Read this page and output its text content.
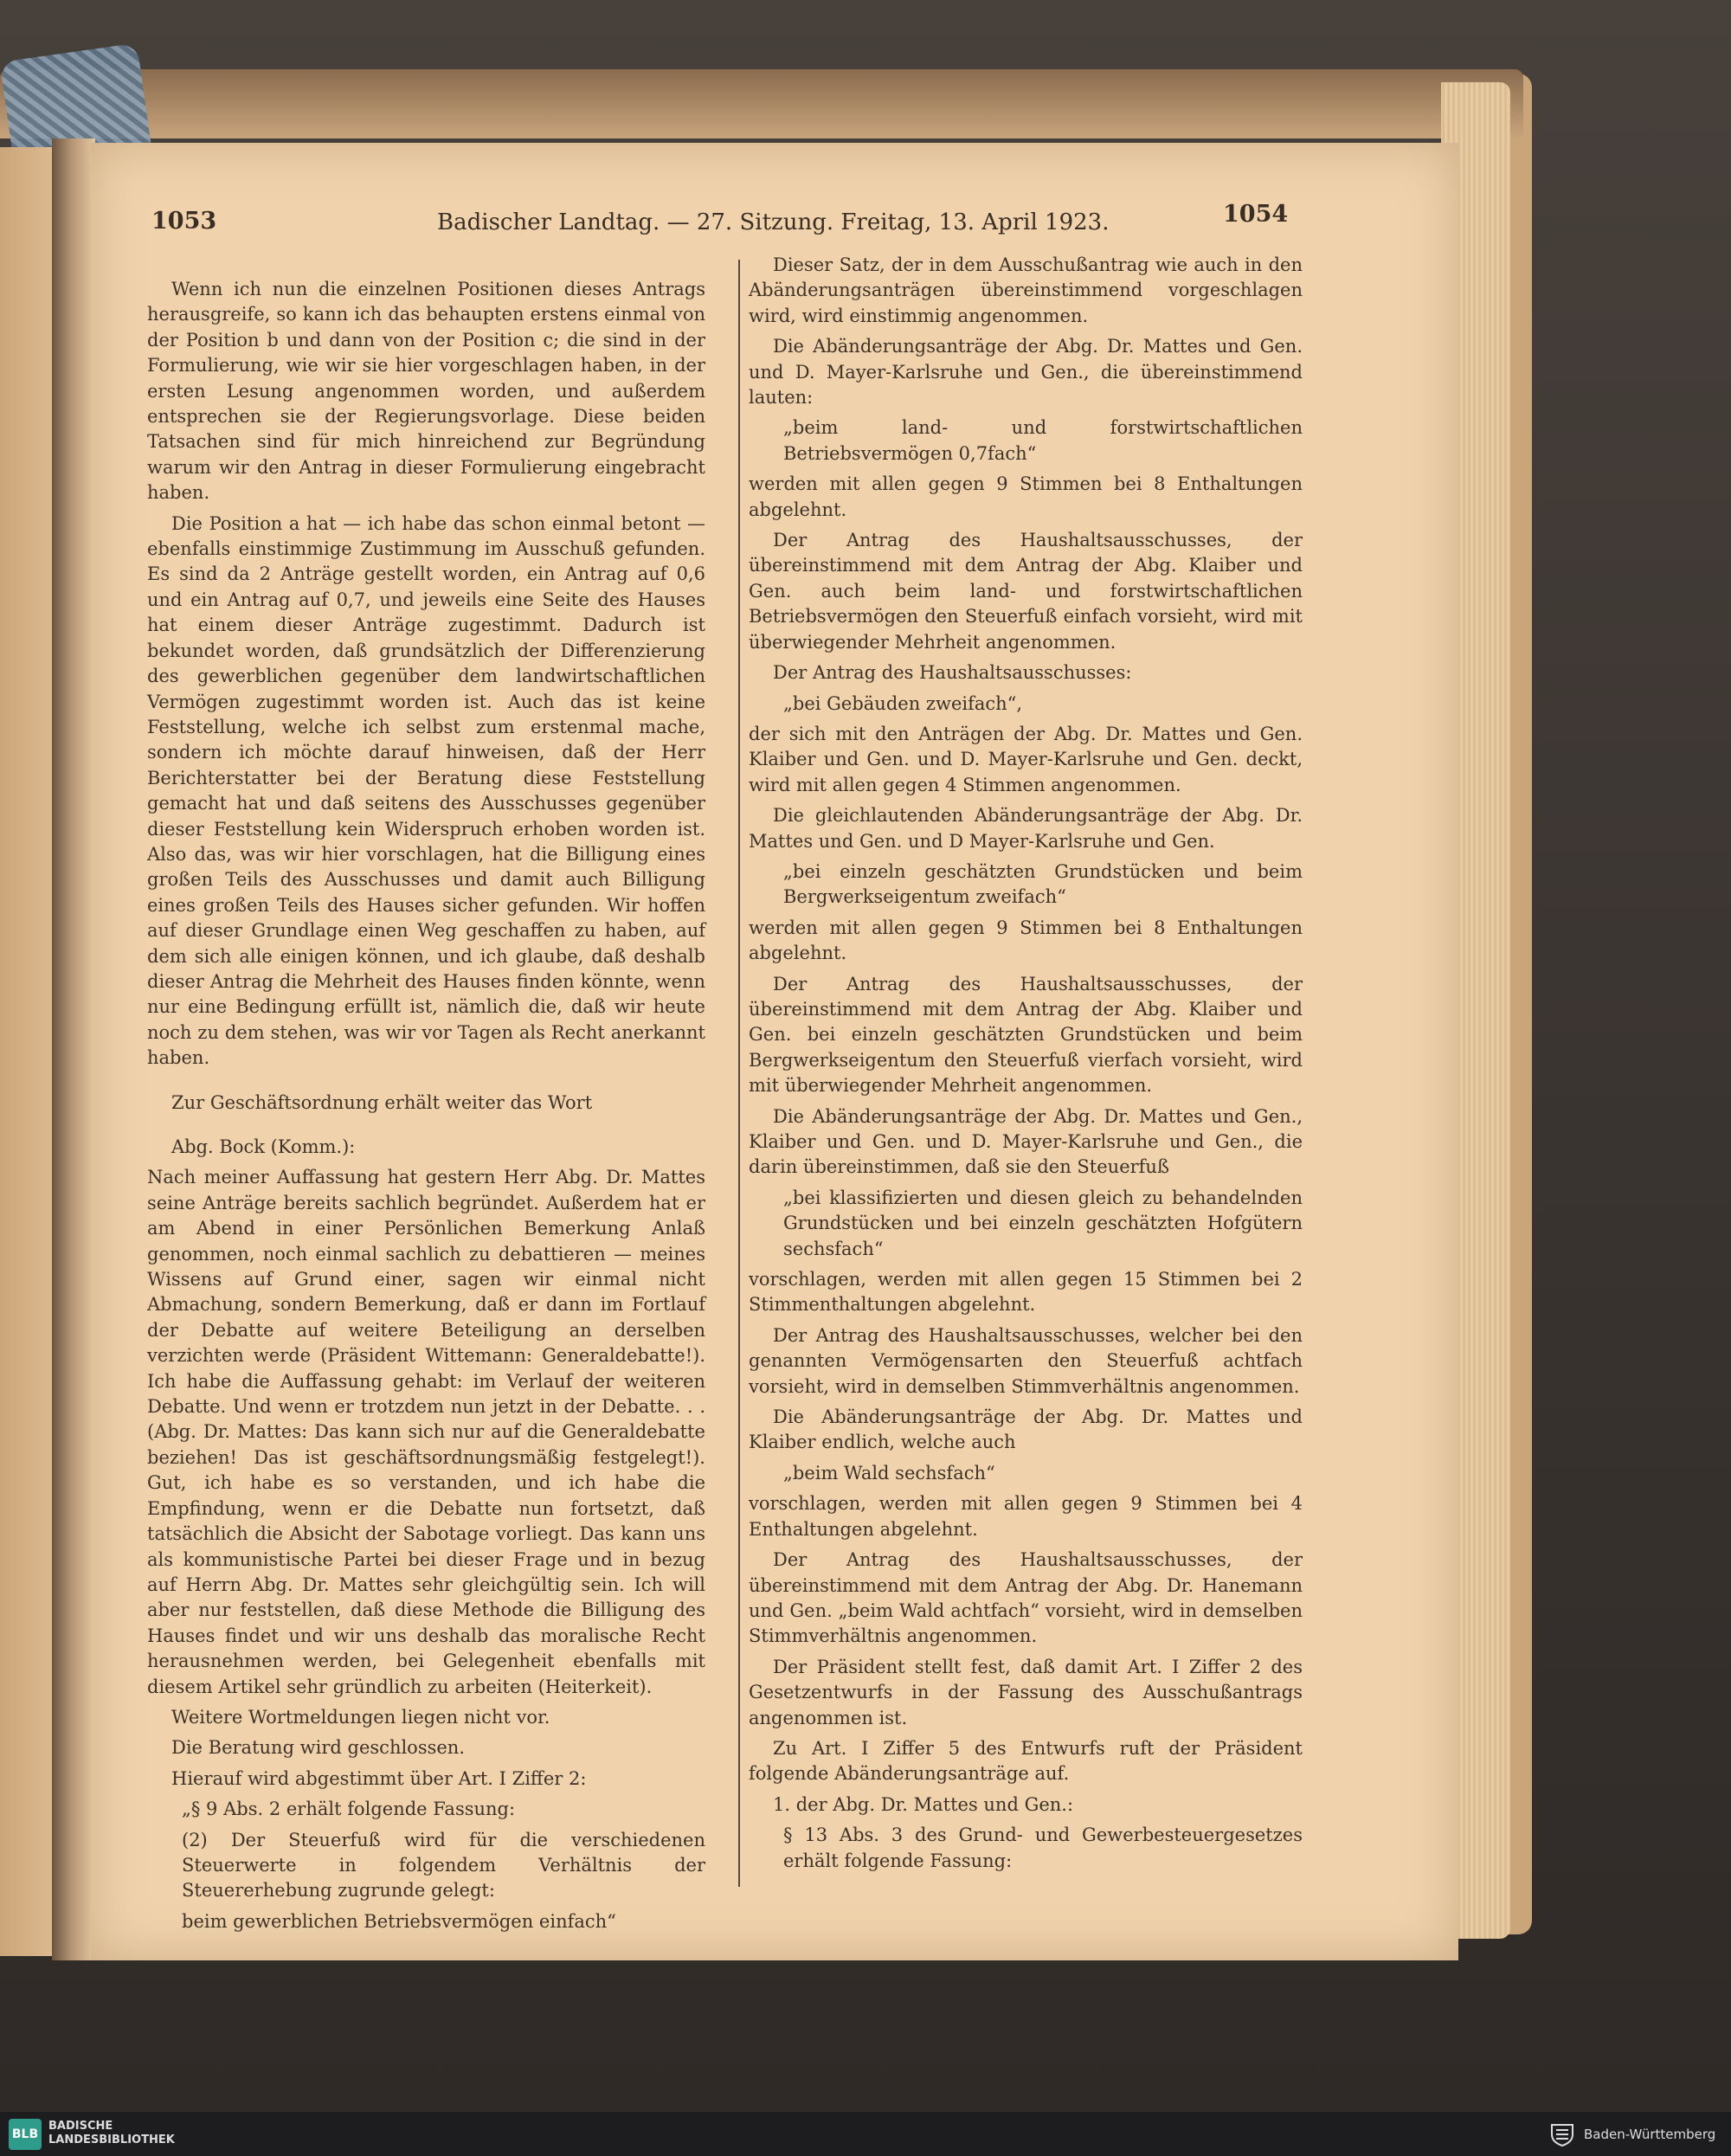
1053	Badischer Landtag. — 27. Sitzung. Freitag, 13. April 1923.	1054

Wenn ich nun die einzelnen Positionen dieses Antrags herausgreife, so kann ich das behaupten erstens einmal von der Position b und dann von der Position c; die sind in der Formulierung, wie wir sie hier vorgeschlagen haben, in der ersten Lesung angenommen worden, und außerdem entsprechen sie der Regierungsvorlage. Diese beiden Tatsachen sind für mich hinreichend zur Begründung warum wir den Antrag in dieser Formulierung eingebracht haben.

Die Position a hat — ich habe das schon einmal betont — ebenfalls einstimmige Zustimmung im Ausschuß gefunden. Es sind da 2 Anträge gestellt worden, ein Antrag auf 0,6 und ein Antrag auf 0,7, und jeweils eine Seite des Hauses hat einem dieser Anträge zugestimmt. Dadurch ist bekundet worden, daß grundsätzlich der Differenzierung des gewerblichen gegenüber dem landwirtschaftlichen Vermögen zugestimmt worden ist. Auch das ist keine Feststellung, welche ich selbst zum erstenmal mache, sondern ich möchte darauf hinweisen, daß der Herr Berichterstatter bei der Beratung diese Feststellung gemacht hat und daß seitens des Ausschusses gegenüber dieser Feststellung kein Widerspruch erhoben worden ist. Also das, was wir hier vorschlagen, hat die Billigung eines großen Teils des Ausschusses und damit auch Billigung eines großen Teils des Hauses sicher gefunden. Wir hoffen auf dieser Grundlage einen Weg geschaffen zu haben, auf dem sich alle einigen können, und ich glaube, daß deshalb dieser Antrag die Mehrheit des Hauses finden könnte, wenn nur eine Bedingung erfüllt ist, nämlich die, daß wir heute noch zu dem stehen, was wir vor Tagen als Recht anerkannt haben.

Zur Geschäftsordnung erhält weiter das Wort

Abg. Bock (Komm.):

Nach meiner Auffassung hat gestern Herr Abg. Dr. Mattes seine Anträge bereits sachlich begründet. Außerdem hat er am Abend in einer Persönlichen Bemerkung Anlaß genommen, noch einmal sachlich zu debattieren — meines Wissens auf Grund einer, sagen wir einmal nicht Abmachung, sondern Bemerkung, daß er dann im Fortlauf der Debatte auf weitere Beteiligung an derselben verzichten werde (Präsident Wittemann: Generaldebatte!). Ich habe die Auffassung gehabt: im Verlauf der weiteren Debatte. Und wenn er trotzdem nun jetzt in der Debatte. . . (Abg. Dr. Mattes: Das kann sich nur auf die Generaldebatte beziehen! Das ist geschäftsordnungsmäßig festgelegt!). Gut, ich habe es so verstanden, und ich habe die Empfindung, wenn er die Debatte nun fortsetzt, daß tatsächlich die Absicht der Sabotage vorliegt. Das kann uns als kommunistische Partei bei dieser Frage und in bezug auf Herrn Abg. Dr. Mattes sehr gleichgültig sein. Ich will aber nur feststellen, daß diese Methode die Billigung des Hauses findet und wir uns deshalb das moralische Recht herausnehmen werden, bei Gelegenheit ebenfalls mit diesem Artikel sehr gründlich zu arbeiten (Heiterkeit).

Weitere Wortmeldungen liegen nicht vor.

Die Beratung wird geschlossen.

Hierauf wird abgestimmt über Art. I Ziffer 2:

„§ 9 Abs. 2 erhält folgende Fassung:

(2) Der Steuerfuß wird für die verschiedenen Steuerwerte in folgendem Verhältnis der Steuererhebung zugrunde gelegt:

beim gewerblichen Betriebsvermögen einfach“

Dieser Satz, der in dem Ausschußantrag wie auch in den Abänderungsanträgen übereinstimmend vorgeschlagen wird, wird einstimmig angenommen.

Die Abänderungsanträge der Abg. Dr. Mattes und Gen. und D. Mayer-Karlsruhe und Gen., die übereinstimmend lauten:

„beim land- und forstwirtschaftlichen Betriebsvermögen 0,7fach“

werden mit allen gegen 9 Stimmen bei 8 Enthaltungen abgelehnt.

Der Antrag des Haushaltsausschusses, der übereinstimmend mit dem Antrag der Abg. Klaiber und Gen. auch beim land- und forstwirtschaftlichen Betriebsvermögen den Steuerfuß einfach vorsieht, wird mit überwiegender Mehrheit angenommen.

Der Antrag des Haushaltsausschusses:

„bei Gebäuden zweifach“,

der sich mit den Anträgen der Abg. Dr. Mattes und Gen. Klaiber und Gen. und D. Mayer-Karlsruhe und Gen. deckt, wird mit allen gegen 4 Stimmen angenommen.

Die gleichlautenden Abänderungsanträge der Abg. Dr. Mattes und Gen. und D Mayer-Karlsruhe und Gen.

„bei einzeln geschätzten Grundstücken und beim Bergwerkseigentum zweifach“

werden mit allen gegen 9 Stimmen bei 8 Enthaltungen abgelehnt.

Der Antrag des Haushaltsausschusses, der übereinstimmend mit dem Antrag der Abg. Klaiber und Gen. bei einzeln geschätzten Grundstücken und beim Bergwerkseigentum den Steuerfuß vierfach vorsieht, wird mit überwiegender Mehrheit angenommen.

Die Abänderungsanträge der Abg. Dr. Mattes und Gen., Klaiber und Gen. und D. Mayer-Karlsruhe und Gen., die darin übereinstimmen, daß sie den Steuerfuß

„bei klassifizierten und diesen gleich zu behandelnden Grundstücken und bei einzeln geschätzten Hofgütern sechsfach“

vorschlagen, werden mit allen gegen 15 Stimmen bei 2 Stimmenthaltungen abgelehnt.

Der Antrag des Haushaltsausschusses, welcher bei den genannten Vermögensarten den Steuerfuß achtfach vorsieht, wird in demselben Stimmverhältnis angenommen.

Die Abänderungsanträge der Abg. Dr. Mattes und Klaiber endlich, welche auch

„beim Wald sechsfach“

vorschlagen, werden mit allen gegen 9 Stimmen bei 4 Enthaltungen abgelehnt.

Der Antrag des Haushaltsausschusses, der übereinstimmend mit dem Antrag der Abg. Dr. Hanemann und Gen. „beim Wald achtfach“ vorsieht, wird in demselben Stimmverhältnis angenommen.

Der Präsident stellt fest, daß damit Art. I Ziffer 2 des Gesetzentwurfs in der Fassung des Ausschußantrags angenommen ist.

Zu Art. I Ziffer 5 des Entwurfs ruft der Präsident folgende Abänderungsanträge auf.

1. der Abg. Dr. Mattes und Gen.:

§ 13 Abs. 3 des Grund- und Gewerbesteuergesetzes erhält folgende Fassung:

BLB
BADISCHE
LANDESBIBLIOTHEK	Baden-Württemberg
